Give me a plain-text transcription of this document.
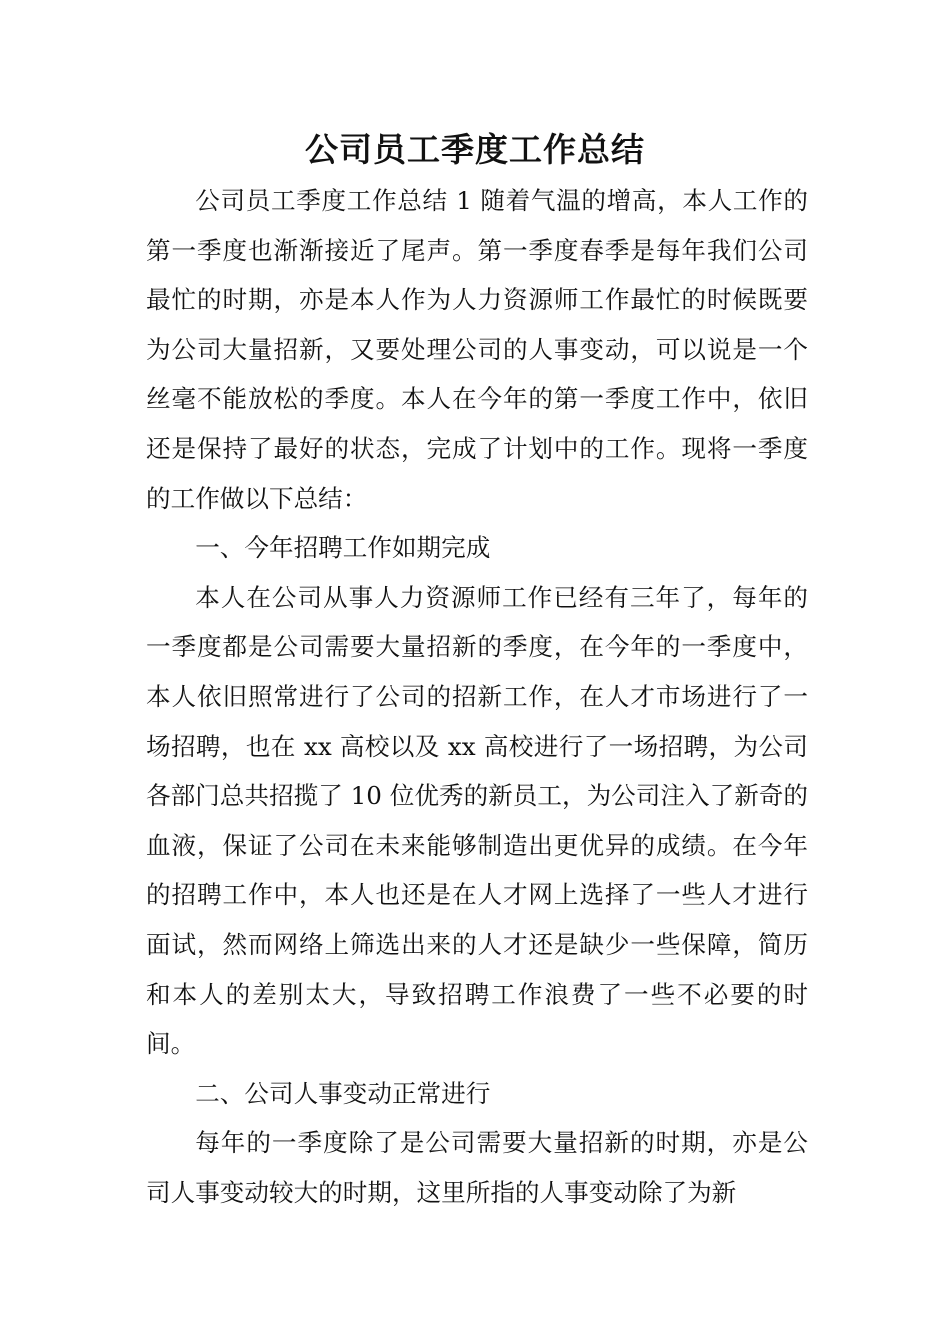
公司员工季度工作总结

公司员工季度工作总结 1 随着气温的增高，本人工作的第一季度也渐渐接近了尾声。第一季度春季是每年我们公司最忙的时期，亦是本人作为人力资源师工作最忙的时候既要为公司大量招新，又要处理公司的人事变动，可以说是一个丝毫不能放松的季度。本人在今年的第一季度工作中，依旧还是保持了最好的状态，完成了计划中的工作。现将一季度的工作做以下总结：

一、今年招聘工作如期完成

本人在公司从事人力资源师工作已经有三年了，每年的一季度都是公司需要大量招新的季度，在今年的一季度中，本人依旧照常进行了公司的招新工作，在人才市场进行了一场招聘，也在 xx 高校以及 xx 高校进行了一场招聘，为公司各部门总共招揽了 10 位优秀的新员工，为公司注入了新奇的血液，保证了公司在未来能够制造出更优异的成绩。在今年的招聘工作中，本人也还是在人才网上选择了一些人才进行面试，然而网络上筛选出来的人才还是缺少一些保障，简历和本人的差别太大，导致招聘工作浪费了一些不必要的时间。

二、公司人事变动正常进行

每年的一季度除了是公司需要大量招新的时期，亦是公司人事变动较大的时期，这里所指的人事变动除了为新
